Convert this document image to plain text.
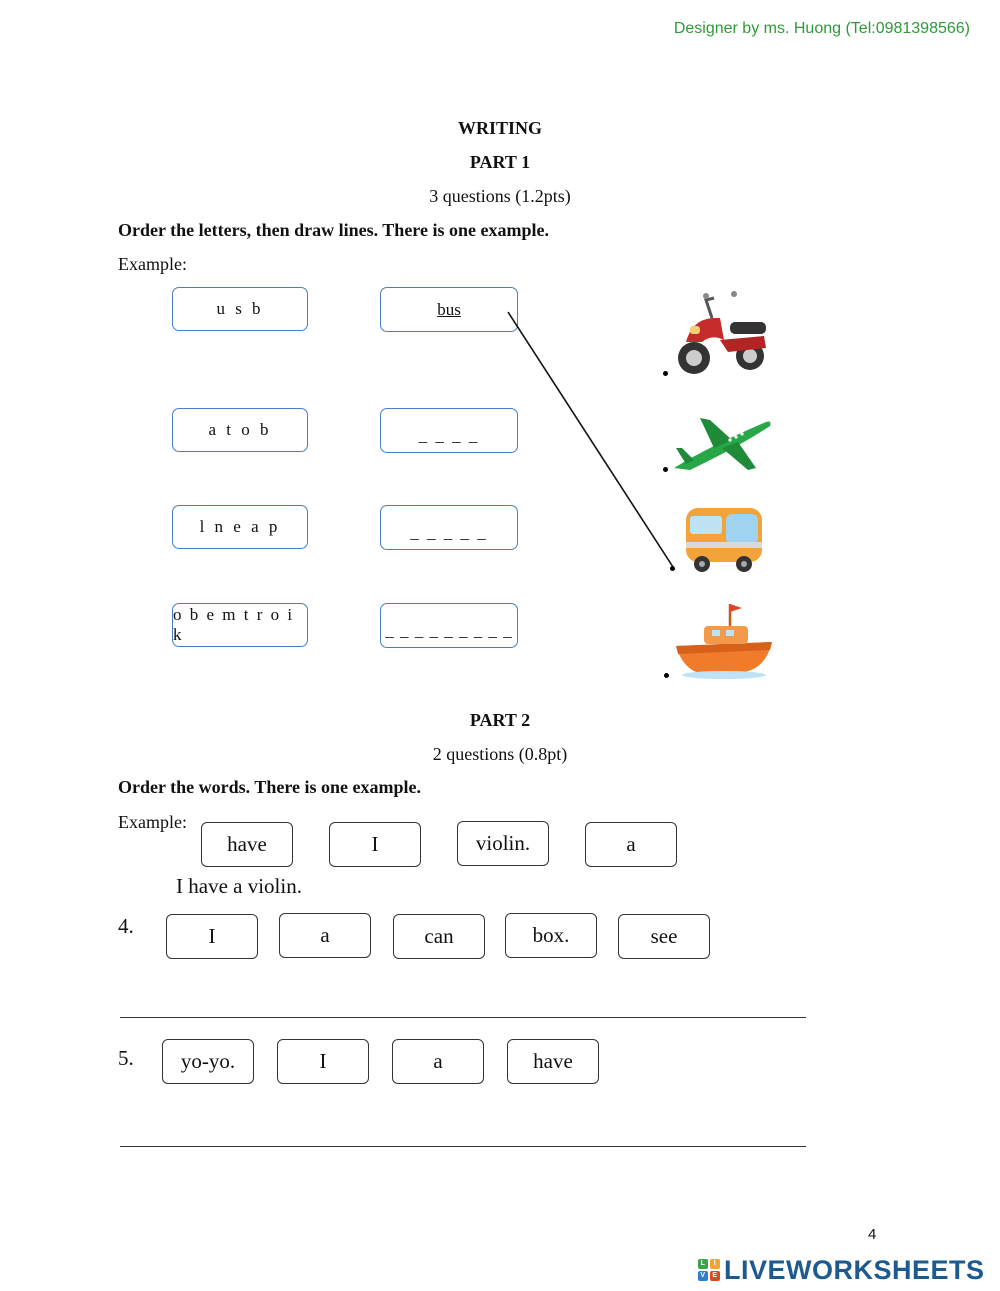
Designer by ms. Huong (Tel:0981398566)
WRITING
PART 1
3 questions (1.2pts)
Order the letters, then draw lines. There is one example.
Example:
u s b
a t o b
l n e a p
o b e m t r o i k
bus
_ _ _ _
_ _ _ _ _
_ _ _ _ _ _ _ _ _
PART 2
2 questions (0.8pt)
Order the words. There is one example.
Example:
have	I	violin.	a
I have a violin.
4.	I	a	can	box.	see
5.	yo-yo.	I	a	have
4
L	I
V E LIVEWORKSHEETS
